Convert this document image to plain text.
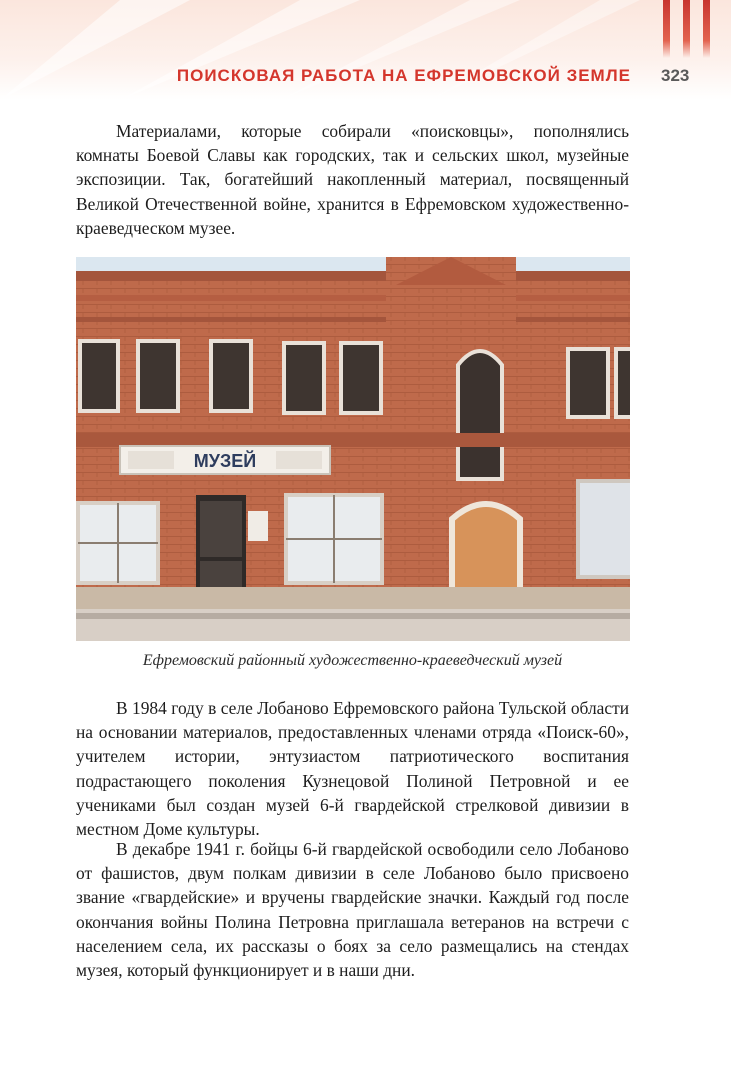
ПОИСКОВАЯ РАБОТА НА ЕФРЕМОВСКОЙ ЗЕМЛЕ 323

Материалами, которые собирали «поисковцы», пополнялись комнаты Боевой Славы как городских, так и сельских школ, музейные экспозиции. Так, богатейший накопленный материал, посвященный Великой Отечественной войне, хранится в Ефремовском художественно-краеведческом музее.

МУЗЕЙ
Ефремовский районный художественно-краеведческий музей

В 1984 году в селе Лобаново Ефремовского района Тульской области на основании материалов, предоставленных членами отряда «Поиск-60», учителем истории, энтузиастом патриотического воспитания подрастающего поколения Кузнецовой Полиной Петровной и ее учениками был создан музей 6-й гвардейской стрелковой дивизии в местном Доме культуры.

В декабре 1941 г. бойцы 6-й гвардейской освободили село Лобаново от фашистов, двум полкам дивизии в селе Лобаново было присвоено звание «гвардейские» и вручены гвардейские значки. Каждый год после окончания войны Полина Петровна приглашала ветеранов на встречи с населением села, их рассказы о боях за село размещались на стендах музея, который функционирует и в наши дни.
